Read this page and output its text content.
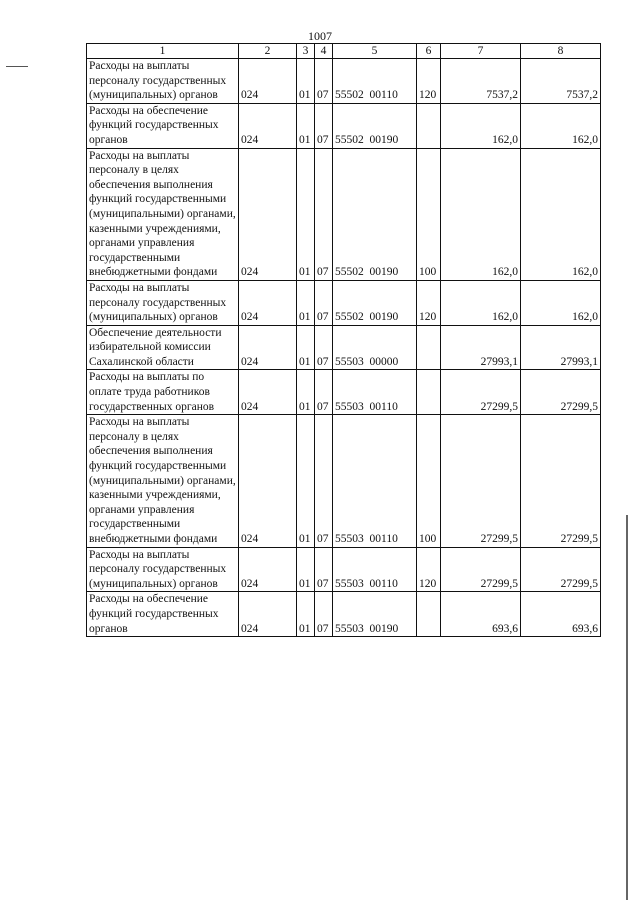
1007
1	2	3	4	5	6	7	8
Расходы на выплаты персоналу государственных (муниципальных) органов	024	01	07	55502  00110	120	7537,2	7537,2
Расходы на обеспечение функций государственных органов	024	01	07	55502  00190		162,0	162,0
Расходы на выплаты персоналу в целях обеспечения выполнения функций государственными (муниципальными) органами, казенными учреждениями, органами управления государственными внебюджетными фондами	024	01	07	55502  00190	100	162,0	162,0
Расходы на выплаты персоналу государственных (муниципальных) органов	024	01	07	55502  00190	120	162,0	162,0
Обеспечение деятельности избирательной комиссии Сахалинской области	024	01	07	55503  00000		27993,1	27993,1
Расходы на выплаты по оплате труда работников государственных органов	024	01	07	55503  00110		27299,5	27299,5
Расходы на выплаты персоналу в целях обеспечения выполнения функций государственными (муниципальными) органами, казенными учреждениями, органами управления государственными внебюджетными фондами	024	01	07	55503  00110	100	27299,5	27299,5
Расходы на выплаты персоналу государственных (муниципальных) органов	024	01	07	55503  00110	120	27299,5	27299,5
Расходы на обеспечение функций государственных органов	024	01	07	55503  00190		693,6	693,6
